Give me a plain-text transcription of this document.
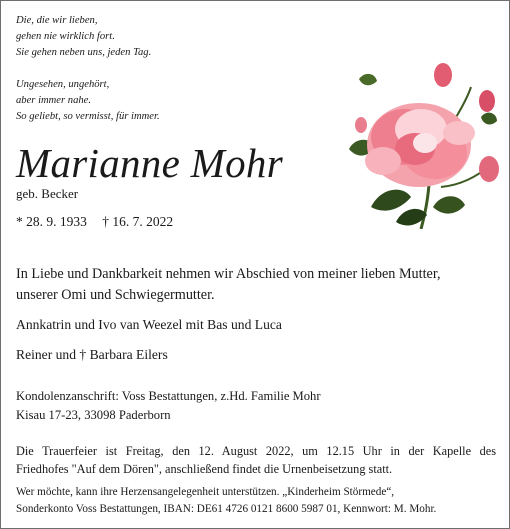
Die, die wir lieben,
gehen nie wirklich fort.
Sie gehen neben uns, jeden Tag.
Ungesehen, ungehört,
aber immer nahe.
So geliebt, so vermisst, für immer.
Marianne Mohr
geb. Becker
* 28. 9. 1933 † 16. 7. 2022
In Liebe und Dankbarkeit nehmen wir Abschied von meiner lieben Mutter,
unserer Omi und Schwiegermutter.
Annkatrin und Ivo van Weezel mit Bas und Luca
Reiner und † Barbara Eilers
Kondolenzanschrift: Voss Bestattungen, z.Hd. Familie Mohr
Kisau 17-23, 33098 Paderborn
Die Trauerfeier ist Freitag, den 12. August 2022, um 12.15 Uhr in der Kapelle des
Friedhofes "Auf dem Dören", anschließend findet die Urnenbeisetzung statt.
Wer möchte, kann ihre Herzensangelegenheit unterstützen. „Kinderheim Störmede“,
Sonderkonto Voss Bestattungen, IBAN: DE61 4726 0121 8600 5987 01, Kennwort: M. Mohr.
